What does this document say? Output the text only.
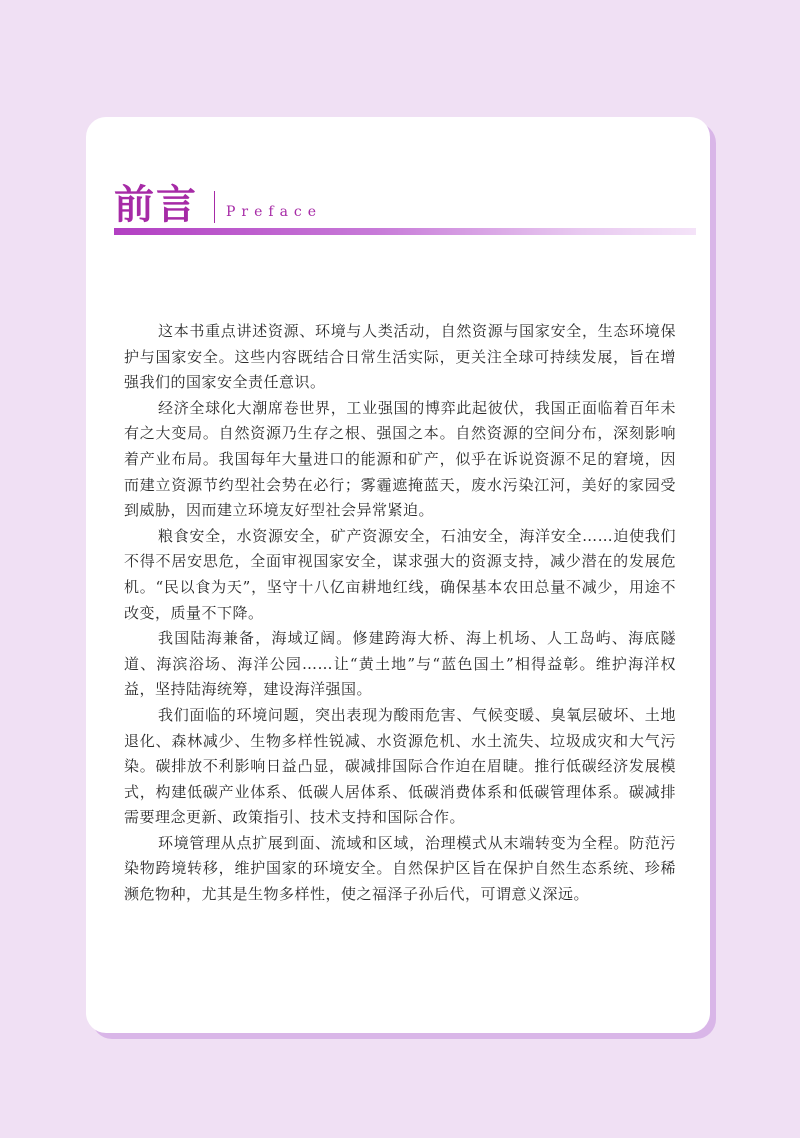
前言 Preface

这本书重点讲述资源、环境与人类活动，自然资源与国家安全，生态环境保护与国家安全。这些内容既结合日常生活实际，更关注全球可持续发展，旨在增强我们的国家安全责任意识。

经济全球化大潮席卷世界，工业强国的博弈此起彼伏，我国正面临着百年未有之大变局。自然资源乃生存之根、强国之本。自然资源的空间分布，深刻影响着产业布局。我国每年大量进口的能源和矿产，似乎在诉说资源不足的窘境，因而建立资源节约型社会势在必行；雾霾遮掩蓝天，废水污染江河，美好的家园受到威胁，因而建立环境友好型社会异常紧迫。

粮食安全，水资源安全，矿产资源安全，石油安全，海洋安全……迫使我们不得不居安思危，全面审视国家安全，谋求强大的资源支持，减少潜在的发展危机。“民以食为天”，坚守十八亿亩耕地红线，确保基本农田总量不减少，用途不改变，质量不下降。

我国陆海兼备，海域辽阔。修建跨海大桥、海上机场、人工岛屿、海底隧道、海滨浴场、海洋公园……让“黄土地”与“蓝色国土”相得益彰。维护海洋权益，坚持陆海统筹，建设海洋强国。

我们面临的环境问题，突出表现为酸雨危害、气候变暖、臭氧层破坏、土地退化、森林减少、生物多样性锐减、水资源危机、水土流失、垃圾成灾和大气污染。碳排放不利影响日益凸显，碳减排国际合作迫在眉睫。推行低碳经济发展模式，构建低碳产业体系、低碳人居体系、低碳消费体系和低碳管理体系。碳减排需要理念更新、政策指引、技术支持和国际合作。

环境管理从点扩展到面、流域和区域，治理模式从末端转变为全程。防范污染物跨境转移，维护国家的环境安全。自然保护区旨在保护自然生态系统、珍稀濒危物种，尤其是生物多样性，使之福泽子孙后代，可谓意义深远。
